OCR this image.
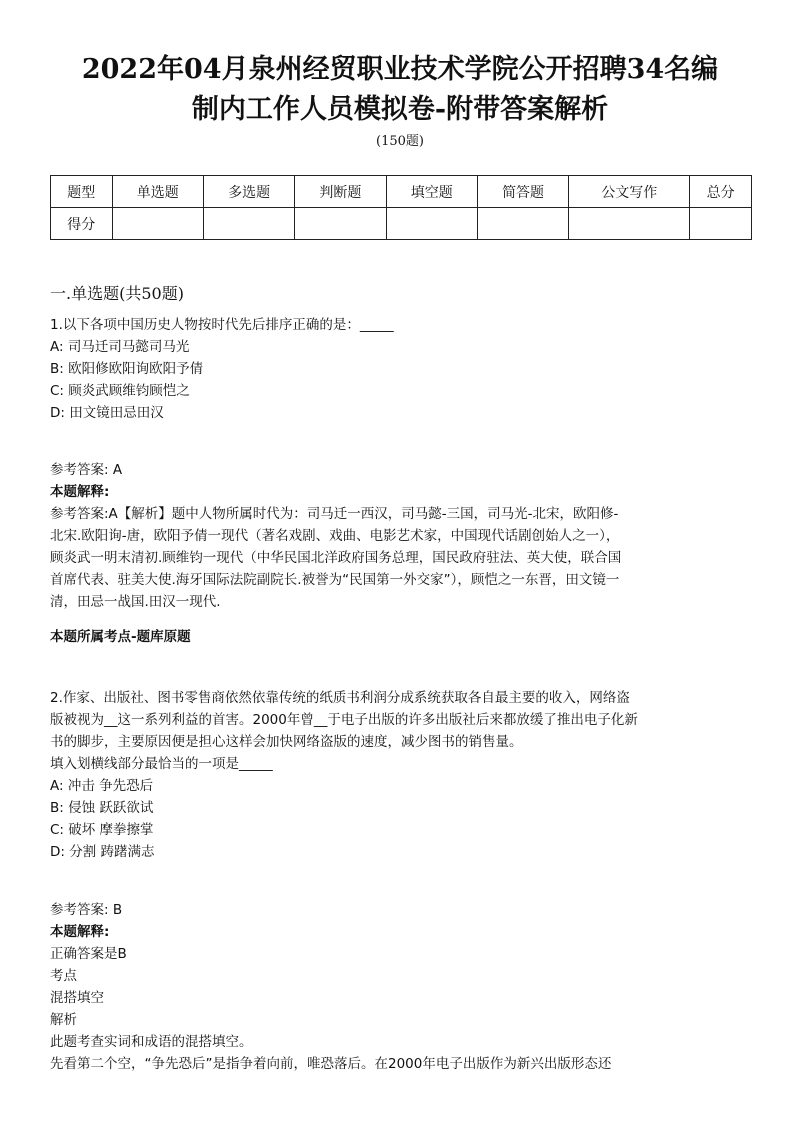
2022年04月泉州经贸职业技术学院公开招聘34名编
制内工作人员模拟卷-附带答案解析
(150题)
题型	单选题	多选题	判断题	填空题	简答题	公文写作	总分
得分							
一.单选题(共50题)
1.以下各项中国历史人物按时代先后排序正确的是：_____
A: 司马迁司马懿司马光
B: 欧阳修欧阳询欧阳予倩
C: 顾炎武顾维钧顾恺之
D: 田文镜田忌田汉
参考答案: A
本题解释:
参考答案:A【解析】题中人物所属时代为：司马迁一西汉，司马懿-三国，司马光-北宋，欧阳修-
北宋.欧阳询-唐，欧阳予倩一现代（著名戏剧、戏曲、电影艺术家，中国现代话剧创始人之一），
顾炎武一明末清初.顾维钧一现代（中华民国北洋政府国务总理，国民政府驻法、英大使，联合国
首席代表、驻美大使.海牙国际法院副院长.被誉为“民国第一外交家”），顾恺之一东晋，田文镜一
清，田忌一战国.田汉一现代.
本题所属考点-题库原题
2.作家、出版社、图书零售商依然依靠传统的纸质书利润分成系统获取各自最主要的收入，网络盗
版被视为__这一系列利益的首害。2000年曾__于电子出版的许多出版社后来都放缓了推出电子化新
书的脚步，主要原因便是担心这样会加快网络盗版的速度，减少图书的销售量。
填入划横线部分最恰当的一项是_____
A: 冲击 争先恐后
B: 侵蚀 跃跃欲试
C: 破坏 摩拳擦掌
D: 分割 踌躇满志
参考答案: B
本题解释:
正确答案是B
考点
混搭填空
解析
此题考查实词和成语的混搭填空。
先看第二个空，“争先恐后”是指争着向前，唯恐落后。在2000年电子出版作为新兴出版形态还
